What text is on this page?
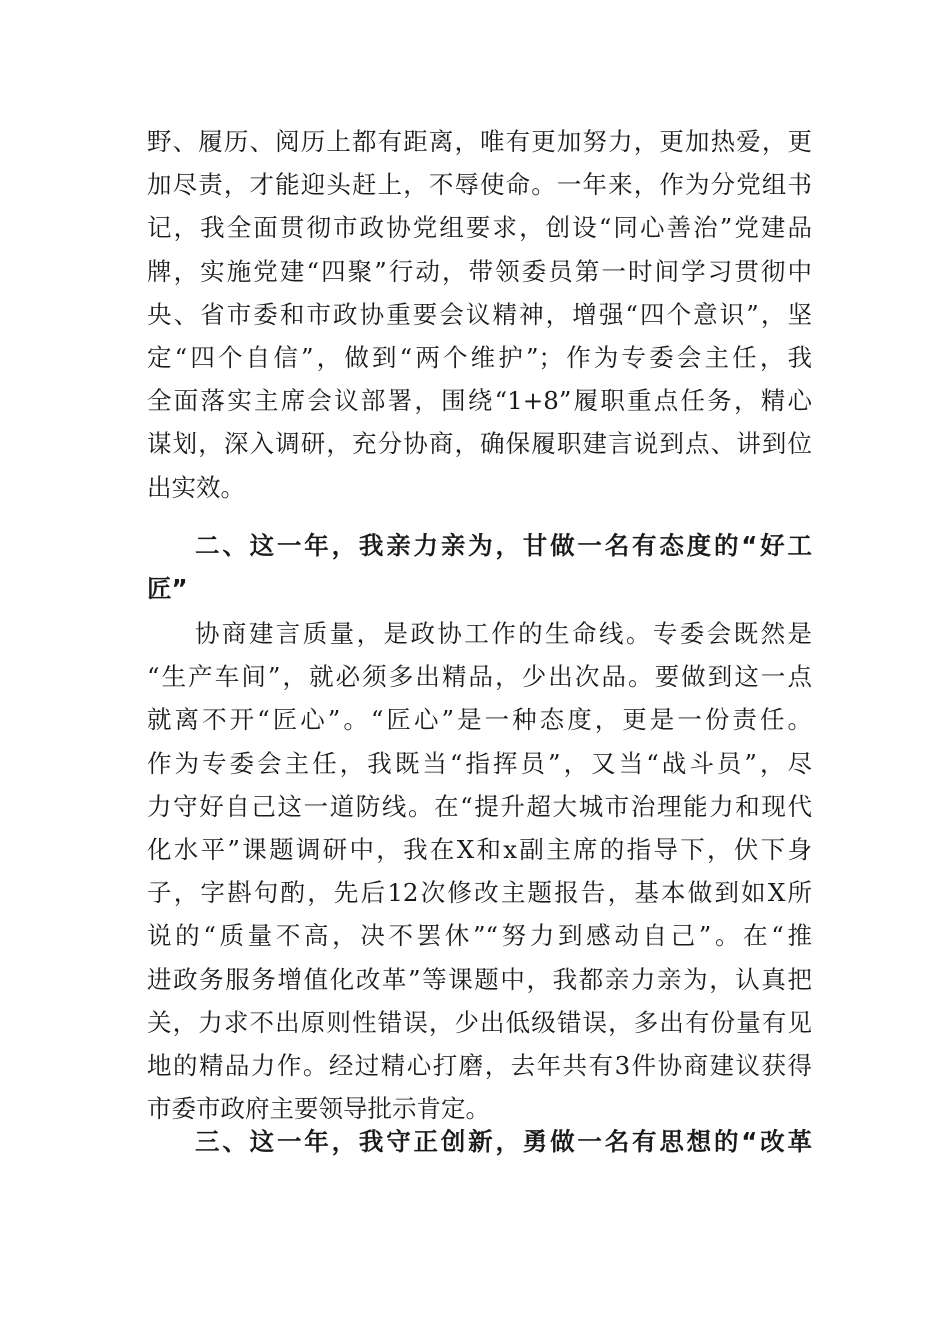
野、履历、阅历上都有距离，唯有更加努力，更加热爱，更
加尽责，才能迎头赶上，不辱使命。一年来，作为分党组书
记，我全面贯彻市政协党组要求，创设“同心善治”党建品
牌，实施党建“四聚”行动，带领委员第一时间学习贯彻中
央、省市委和市政协重要会议精神，增强“四个意识”，坚
定“四个自信”，做到“两个维护”；作为专委会主任，我
全面落实主席会议部署，围绕“1+8”履职重点任务，精心
谋划，深入调研，充分协商，确保履职建言说到点、讲到位
出实效。
二、这一年，我亲力亲为，甘做一名有态度的“好工
匠”
协商建言质量，是政协工作的生命线。专委会既然是
“生产车间”，就必须多出精品，少出次品。要做到这一点
就离不开“匠心”。“匠心”是一种态度，更是一份责任。
作为专委会主任，我既当“指挥员”，又当“战斗员”，尽
力守好自己这一道防线。在“提升超大城市治理能力和现代
化水平”课题调研中，我在X和x副主席的指导下，伏下身
子，字斟句酌，先后12次修改主题报告，基本做到如X所
说的“质量不高，决不罢休”“努力到感动自己”。在“推
进政务服务增值化改革”等课题中，我都亲力亲为，认真把
关，力求不出原则性错误，少出低级错误，多出有份量有见
地的精品力作。经过精心打磨，去年共有3件协商建议获得
市委市政府主要领导批示肯定。
三、这一年，我守正创新，勇做一名有思想的“改革
